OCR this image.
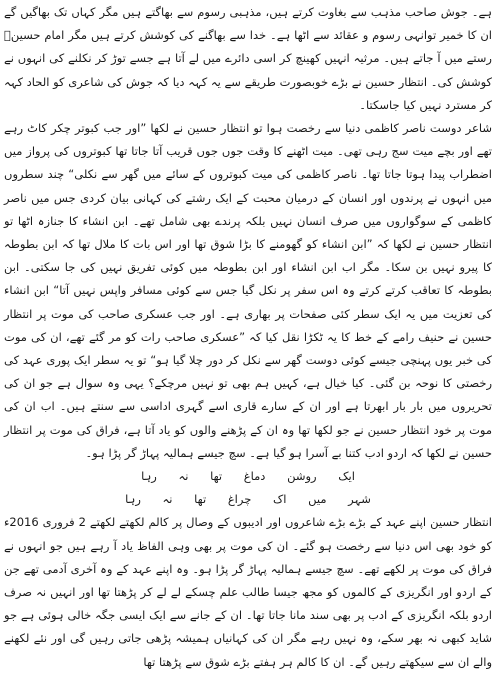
ہے۔ جوش صاحب مذہب سے بغاوت کرتے ہیں، مذہبی رسوم سے بھاگتے ہیں مگر کہاں تک بھاگیں گے ان کا خمیر توانہی رسوم و عقائد سے اٹھا ہے۔ خدا سے بھاگنے کی کوشش کرتے ہیں مگر امام حسینؑ رستے میں آ جاتے ہیں۔ مرثیہ انہیں کھینچ کر اسی دائرے میں لے آتا ہے جسے توڑ کر نکلنے کی انہوں نے کوشش کی۔ انتظار حسین نے بڑے خوبصورت طریقے سے یہ کہہ دیا کہ جوش کی شاعری کو الحاد کہہ کر مسترد نہیں کیا جاسکتا۔

شاعر دوست ناصر کاظمی دنیا سے رخصت ہوا تو انتظار حسین نے لکھا ”اور جب کبوتر چکر کاٹ رہے تھے اور بچے میت سج رہی تھی۔ میت اٹھنے کا وقت جوں جوں قریب آتا جاتا تھا کبوتروں کی پرواز میں اضطراب پیدا ہوتا جاتا تھا۔ ناصر کاظمی کی میت کبوتروں کے سائے میں گھر سے نکلی“ چند سطروں میں انہوں نے پرندوں اور انسان کے درمیان محبت کے ایک رشتے کی کہانی بیان کردی جس میں ناصر کاظمی کے سوگواروں میں صرف انسان نہیں بلکہ پرندے بھی شامل تھے۔ ابن انشاء کا جنازہ اٹھا تو انتظار حسین نے لکھا کہ ”ابن انشاء کو گھومنے کا بڑا شوق تھا اور اس بات کا ملال تھا کہ ابن بطوطہ کا پیرو نہیں بن سکا۔ مگر اب ابن انشاء اور ابن بطوطہ میں کوئی تفریق نہیں کی جا سکتی۔ ابن بطوطہ کا تعاقب کرتے کرتے وہ اس سفر پر نکل گیا جس سے کوئی مسافر واپس نہیں آتا“ ابن انشاء کی تعزیت میں یہ ایک سطر کئی صفحات پر بھاری ہے۔ اور جب عسکری صاحب کی موت پر انتظار حسین نے حنیف رامے کے خط کا یہ ٹکڑا نقل کیا کہ ”عسکری صاحب رات کو مر گئے تھے، ان کی موت کی خبر یوں پہنچی جیسے کوئی دوست گھر سے نکل کر دور چلا گیا ہو“ تو یہ سطر ایک پوری عہد کی رخصتی کا نوحہ بن گئی۔ کیا خیال ہے، کہیں ہم بھی تو نہیں مرچکے؟ یہی وہ سوال ہے جو ان کی تحریروں میں بار بار ابھرتا ہے اور ان کے سارے قاری اسے گہری اداسی سے سنتے ہیں۔ اب ان کی موت پر خود انتظار حسین نے جو لکھا تھا وہ ان کے پڑھنے والوں کو یاد آتا ہے، فراق کی موت پر انتظار حسین نے لکھا کہ اردو ادب کتنا بے آسرا ہو گیا ہے۔ سچ جیسے ہمالیہ پہاڑ گر پڑا ہو۔

ایک روشن دماغ تھا نہ رہا
شہر میں اک چراغ تھا نہ رہا

انتظار حسین اپنے عہد کے بڑے بڑے شاعروں اور ادیبوں کے وصال پر کالم لکھتے لکھتے 2 فروری 2016ء کو خود بھی اس دنیا سے رخصت ہو گئے۔ ان کی موت پر بھی وہی الفاظ یاد آ رہے ہیں جو انہوں نے فراق کی موت پر لکھے تھے۔ سچ جیسے ہمالیہ پہاڑ گر پڑا ہو۔ وہ اپنے عہد کے وہ آخری آدمی تھے جن کے اردو اور انگریزی کے کالموں کو مجھ جیسا طالب علم چسکے لے لے کر پڑھتا تھا اور انہیں نہ صرف اردو بلکہ انگریزی کے ادب پر بھی سند مانا جاتا تھا۔ ان کے جانے سے ایک ایسی جگہ خالی ہوئی ہے جو شاید کبھی نہ بھر سکے، وہ نہیں رہے مگر ان کی کہانیاں ہمیشہ پڑھی جاتی رہیں گی اور نئے لکھنے والے ان سے سیکھتے رہیں گے۔ ان کا کالم ہر ہفتے بڑے شوق سے پڑھتا تھا
